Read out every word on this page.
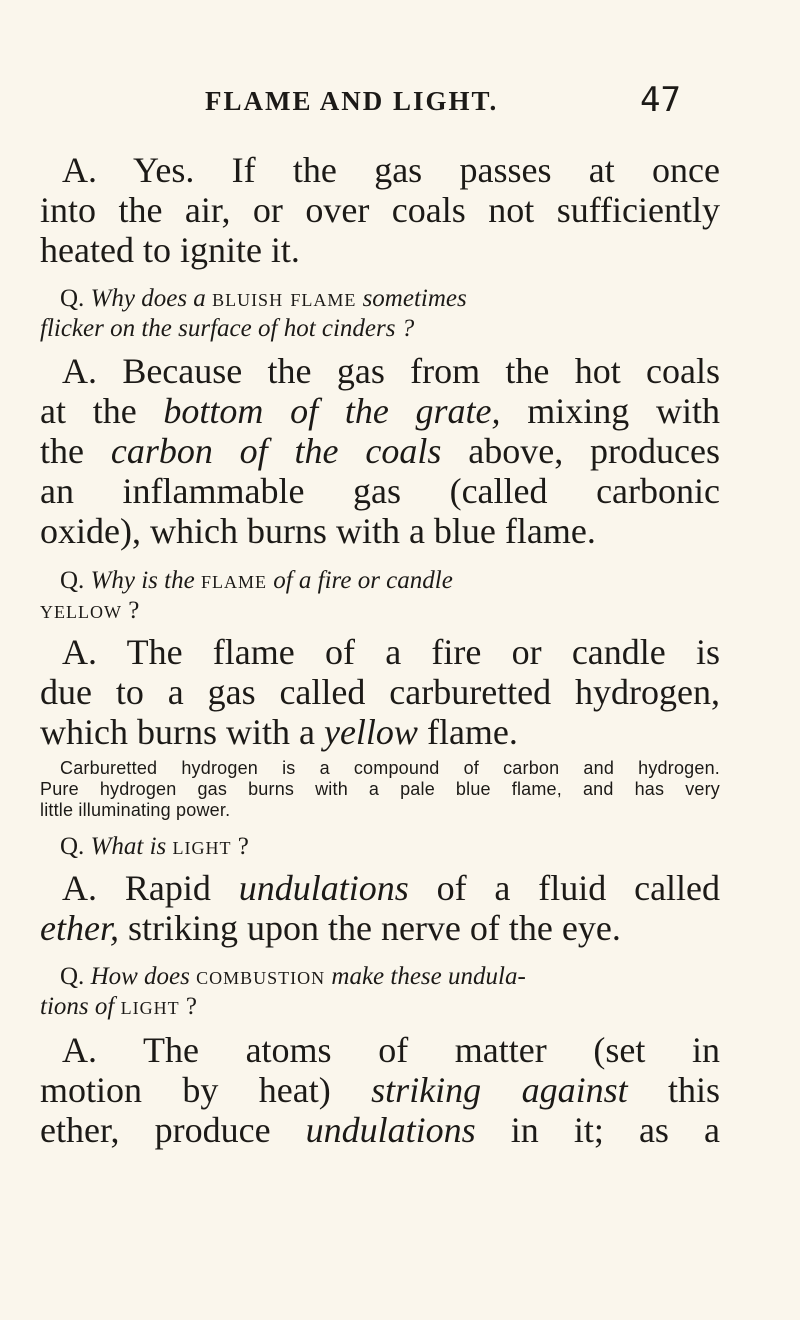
FLAME AND LIGHT.	47
A. Yes. If the gas passes at once
into the air, or over coals not sufficiently
heated to ignite it.
Q. Why does a bluish flame sometimes
flicker on the surface of hot cinders ?
A. Because the gas from the hot coals
at the bottom of the grate, mixing with
the carbon of the coals above, produces
an inflammable gas (called carbonic
oxide), which burns with a blue flame.
Q. Why is the flame of a fire or candle
yellow ?
A. The flame of a fire or candle is
due to a gas called carburetted hydrogen,
which burns with a yellow flame.
Carburetted hydrogen is a compound of carbon and hydrogen.
Pure hydrogen gas burns with a pale blue flame, and has very
little illuminating power.
Q. What is light ?
A. Rapid undulations of a fluid called
ether, striking upon the nerve of the eye.
Q. How does combustion make these undula-
tions of light ?
A. The atoms of matter (set in
motion by heat) striking against this
ether, produce undulations in it; as a
